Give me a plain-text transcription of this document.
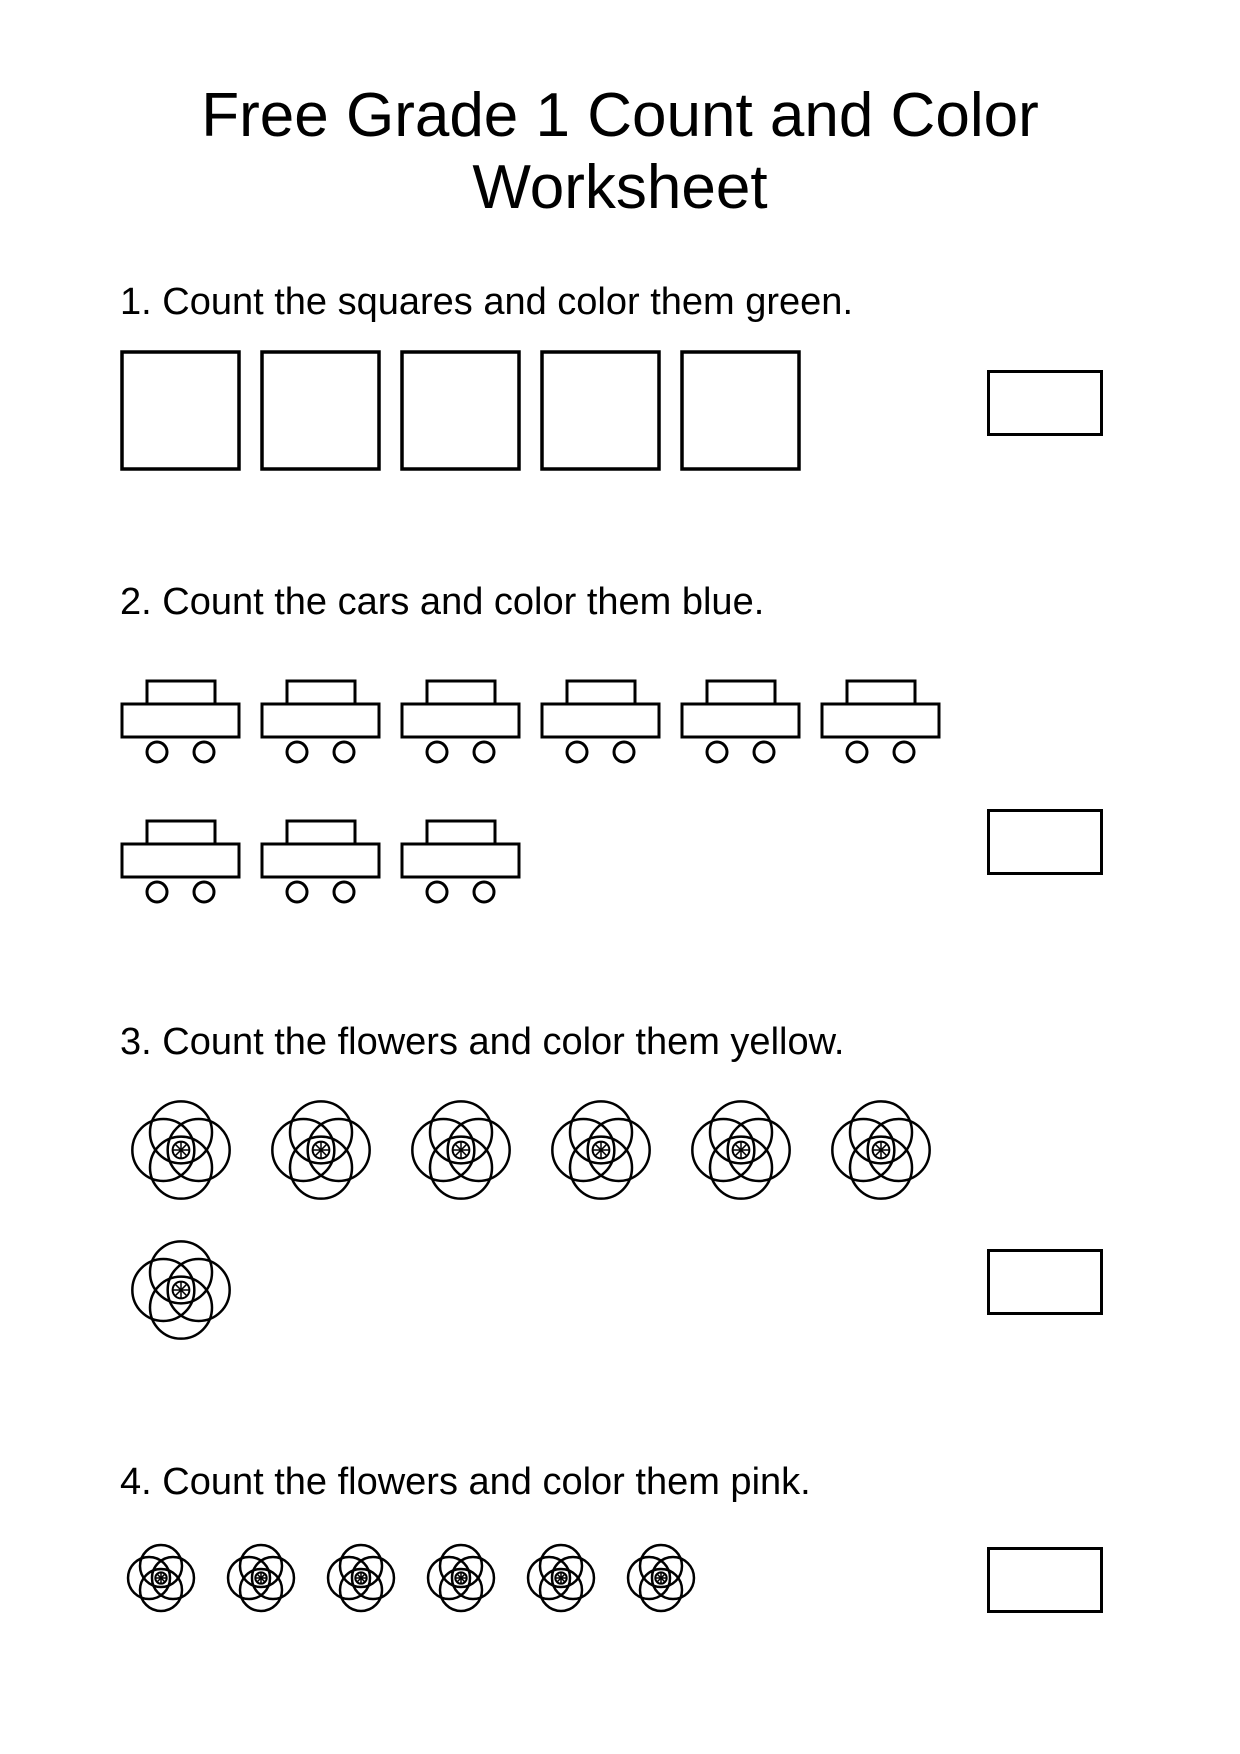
Free Grade 1 Count and Color
Worksheet
1. Count the squares and color them green.
2. Count the cars and color them blue.
3. Count the flowers and color them yellow.
4. Count the flowers and color them pink.
